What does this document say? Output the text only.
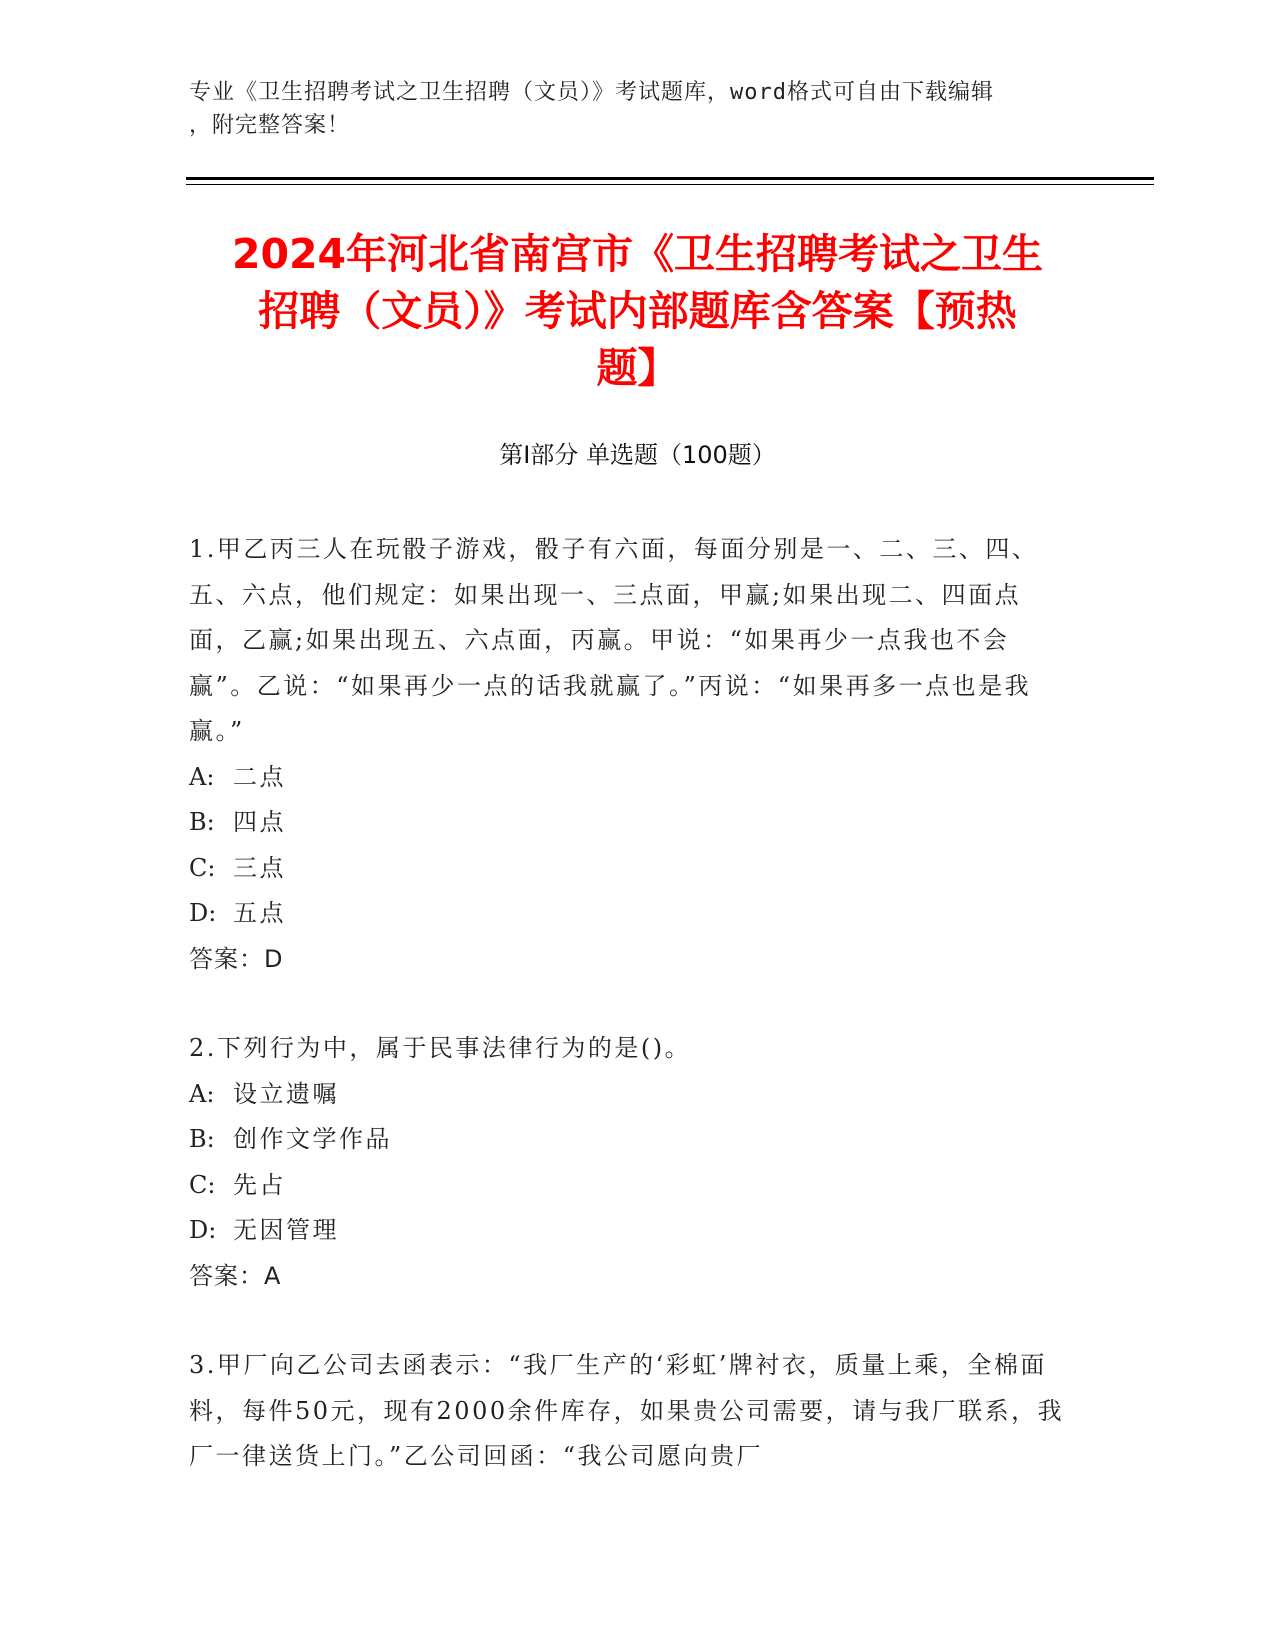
专业《卫生招聘考试之卫生招聘（文员）》考试题库，word格式可自由下载编辑
，附完整答案！
2024年河北省南宫市《卫生招聘考试之卫生
招聘（文员）》考试内部题库含答案【预热
题】
第I部分 单选题（100题）

1.甲乙丙三人在玩骰子游戏，骰子有六面，每面分别是一、二、三、四、五、六点，他们规定：如果出现一、三点面，甲赢;如果出现二、四面点面，乙赢;如果出现五、六点面，丙赢。甲说：“如果再少一点我也不会赢”。乙说：“如果再少一点的话我就赢了。”丙说：“如果再多一点也是我赢。”

A: 二点

B: 四点

C: 三点

D: 五点

答案：D

2.下列行为中，属于民事法律行为的是()。

A: 设立遗嘱

B: 创作文学作品

C: 先占

D: 无因管理

答案：A

3.甲厂向乙公司去函表示：“我厂生产的‘彩虹’牌衬衣，质量上乘，全棉面料，每件50元，现有2000余件库存，如果贵公司需要，请与我厂联系，我厂一律送货上门。”乙公司回函：“我公司愿向贵厂
